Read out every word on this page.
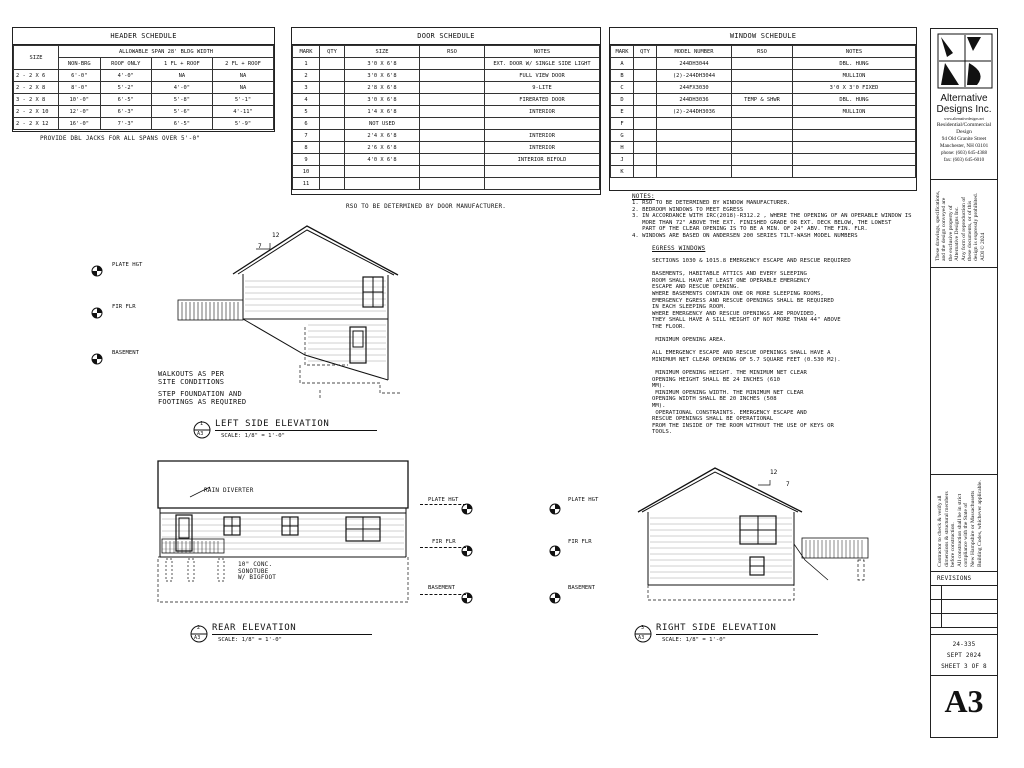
HEADER SCHEDULE
SIZE	ALLOWABLE SPAN 28' BLDG WIDTH			
	NON-BRG	ROOF ONLY	1 FL + ROOF	2 FL + ROOF
2 - 2 X 6	6'-0"	4'-0"	NA	NA
2 - 2 X 8	8'-0"	5'-2"	4'-0"	NA
3 - 2 X 8	10'-0"	6'-5"	5'-8"	5'-1"
2 - 2 X 10	12'-0"	6'-3"	5'-6"	4'-11"
2 - 2 X 12	16'-0"	7'-3"	6'-5"	5'-9"
PROVIDE DBL JACKS FOR ALL SPANS OVER 5'-0"
DOOR SCHEDULE
MARK	QTY	SIZE	RSO	NOTES
1		3'0 X 6'8		EXT. DOOR W/ SINGLE SIDE LIGHT
2		3'0 X 6'8		FULL VIEW DOOR
3		2'8 X 6'8		9-LITE
4		3'0 X 6'8		FIRERATED DOOR
5		1'4 X 6'8		INTERIOR
6		NOT USED		
7		2'4 X 6'8		INTERIOR
8		2'6 X 6'8		INTERIOR
9		4'0 X 6'8		INTERIOR BIFOLD
10				
11				
RSO TO BE DETERMINED BY DOOR MANUFACTURER.
WINDOW SCHEDULE
MARK	QTY	MODEL NUMBER	RSO	NOTES
A		244DH3044		DBL. HUNG
B		(2)-244DH3044		MULLION
C		244FX3030		3'0 X 3'0 FIXED
D		244DH3036	TEMP & SHWR	DBL. HUNG
E		(2)-244DH3036		MULLION
F				
G				
H				
J				
K				
NOTES:
1. RSO TO BE DETERMINED BY WINDOW MANUFACTURER.
2. BEDROOM WINDOWS TO MEET EGRESS
3. IN ACCORDANCE WITH IRC(2018)-R312.2 , WHERE THE OPENING OF AN OPERABLE WINDOW IS
MORE THAN 72" ABOVE THE EXT. FINISHED GRADE OR EXT. DECK BELOW, THE LOWEST
PART OF THE CLEAR OPENING IS TO BE A MIN. OF 24" ABV. THE FIN. FLR.
4. WINDOWS ARE BASED ON ANDERSEN 200 SERIES TILT-WASH MODEL NUMBERS
EGRESS WINDOWS
SECTIONS 1030 & 1015.8 EMERGENCY ESCAPE AND RESCUE REQUIRED

BASEMENTS, HABITABLE ATTICS AND EVERY SLEEPING
ROOM SHALL HAVE AT LEAST ONE OPERABLE EMERGENCY
ESCAPE AND RESCUE OPENING.
WHERE BASEMENTS CONTAIN ONE OR MORE SLEEPING ROOMS,
EMERGENCY EGRESS AND RESCUE OPENINGS SHALL BE REQUIRED
IN EACH SLEEPING ROOM.
WHERE EMERGENCY AND RESCUE OPENINGS ARE PROVIDED,
THEY SHALL HAVE A SILL HEIGHT OF NOT MORE THAN 44" ABOVE
THE FLOOR.

MINIMUM OPENING AREA.

ALL EMERGENCY ESCAPE AND RESCUE OPENINGS SHALL HAVE A
MINIMUM NET CLEAR OPENING OF 5.7 SQUARE FEET (0.530 M2).

MINIMUM OPENING HEIGHT. THE MINIMUM NET CLEAR
OPENING HEIGHT SHALL BE 24 INCHES (610
MM).
MINIMUM OPENING WIDTH. THE MINIMUM NET CLEAR
OPENING WIDTH SHALL BE 20 INCHES (508
MM).
OPERATIONAL CONSTRAINTS. EMERGENCY ESCAPE AND
RESCUE OPENINGS SHALL BE OPERATIONAL
FROM THE INSIDE OF THE ROOM WITHOUT THE USE OF KEYS OR
TOOLS.
12
7
PLATE HGT
FIR FLR
BASEMENT
WALKOUTS AS PER
SITE CONDITIONS
STEP FOUNDATION AND
FOOTINGS AS REQUIRED
1
A3
LEFT SIDE ELEVATION
SCALE: 1/8" = 1'-0"
RAIN DIVERTER
10" CONC.
SONOTUBE
W/ BIGFOOT
PLATE HGT
FIR FLR
BASEMENT
2
A3
REAR ELEVATION
SCALE: 1/8" = 1'-0"
12
7
PLATE HGT
FIR FLR
BASEMENT
3
A3
RIGHT SIDE ELEVATION
SCALE: 1/8" = 1'-0"
Alternative
Designs Inc.
www.alternativedesigns.net
Residential/Commercial
Design
94 Old Granite Street
Manchester, NH 03101
phone: (603) 645-4388
fax: (603) 645-6010
These drawings, specifications,
and the design conveyed are
the exclusive property of
Alternative Designs Inc.
Any form of reproduction of
these documents, or of this
design is expressly prohibited.
ADI © 2024
Contractor to check & verify all
dimensions & structural members
before construction.
All construction shall be in strict
compliance with the State of
New Hampshire or Massachusetts
Building Codes, whichever applicable.
REVISIONS
24-335
SEPT 2024
SHEET 3 OF 8
A3
